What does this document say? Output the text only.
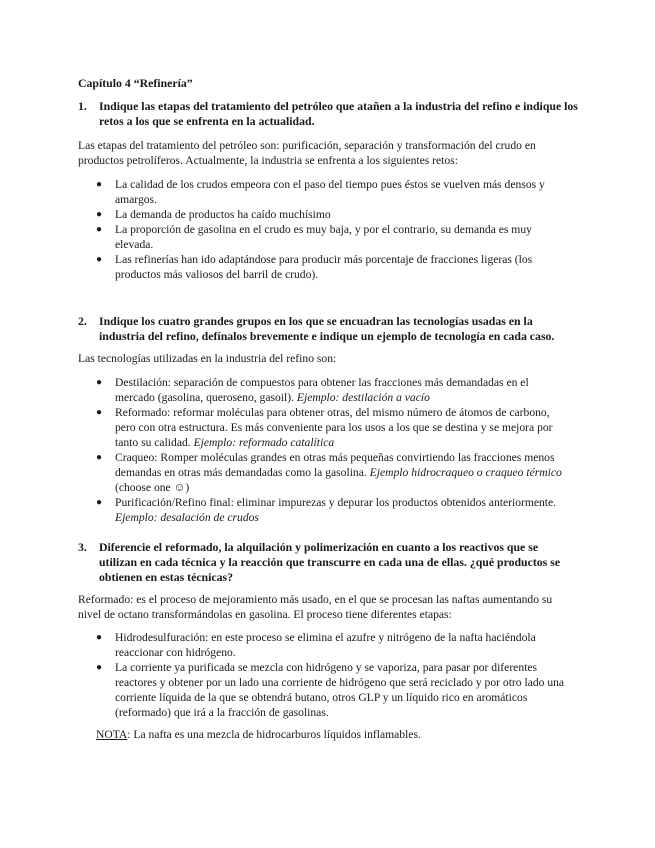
Capítulo 4 “Refinería”
1. Indique las etapas del tratamiento del petróleo que atañen a la industria del refino e indique los retos a los que se enfrenta en la actualidad.
Las etapas del tratamiento del petróleo son: purificación, separación y transformación del crudo en productos petrolíferos. Actualmente, la industria se enfrenta a los siguientes retos:
● La calidad de los crudos empeora con el paso del tiempo pues éstos se vuelven más densos y amargos.
● La demanda de productos ha caído muchísimo
● La proporción de gasolina en el crudo es muy baja, y por el contrario, su demanda es muy elevada.
● Las refinerías han ido adaptándose para producir más porcentaje de fracciones ligeras (los productos más valiosos del barril de crudo).
2. Indique los cuatro grandes grupos en los que se encuadran las tecnologías usadas en la industria del refino, defínalos brevemente e indique un ejemplo de tecnología en cada caso.
Las tecnologías utilizadas en la industria del refino son:
● Destilación: separación de compuestos para obtener las fracciones más demandadas en el mercado (gasolina, queroseno, gasoil). Ejemplo: destilación a vacío
● Reformado: reformar moléculas para obtener otras, del mismo número de átomos de carbono, pero con otra estructura. Es más conveniente para los usos a los que se destina y se mejora por tanto su calidad. Ejemplo: reformado catalítica
● Craqueo: Romper moléculas grandes en otras más pequeñas convirtiendo las fracciones menos demandas en otras más demandadas como la gasolina. Ejemplo hidrocraqueo o craqueo térmico (choose one ☺)
● Purificación/Refino final: eliminar impurezas y depurar los productos obtenidos anteriormente. Ejemplo: desalación de crudos
3. Diferencie el reformado, la alquilación y polimerización en cuanto a los reactivos que se utilizan en cada técnica y la reacción que transcurre en cada una de ellas. ¿qué productos se obtienen en estas técnicas?
Reformado: es el proceso de mejoramiento más usado, en el que se procesan las naftas aumentando su nivel de octano transformándolas en gasolina. El proceso tiene diferentes etapas:
● Hidrodesulfuración: en este proceso se elimina el azufre y nitrógeno de la nafta haciéndola reaccionar con hidrógeno.
● La corriente ya purificada se mezcla con hidrógeno y se vaporiza, para pasar por diferentes reactores y obtener por un lado una corriente de hidrógeno que será reciclado y por otro lado una corriente líquida de la que se obtendrá butano, otros GLP y un líquido rico en aromáticos (reformado) que irá a la fracción de gasolinas.
NOTA: La nafta es una mezcla de hidrocarburos líquidos inflamables.
